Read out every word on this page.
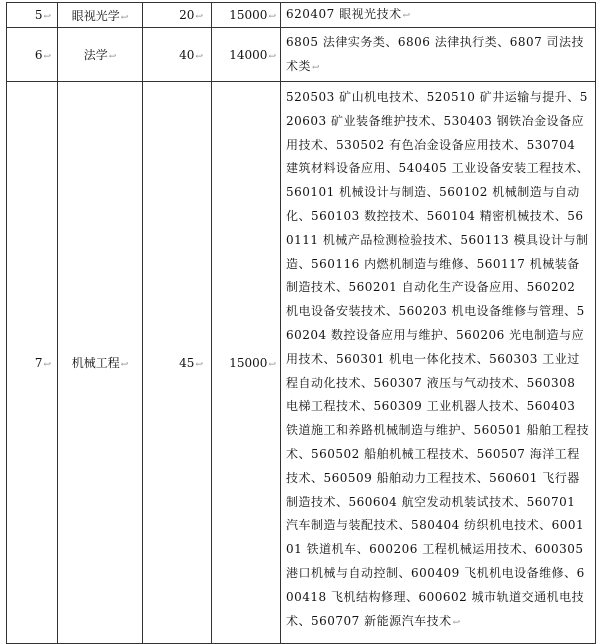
5↩	眼视光学↩	20↩	15000↩	620407 眼视光技术↩
6↩	法学↩	40↩	14000↩	6805 法律实务类、6806 法律执行类、6807 司法技术类↩
7↩	机械工程↩	45↩	15000↩	520503 矿山机电技术、520510 矿井运输与提升、520603 矿业装备维护技术、530403 钢铁冶金设备应用技术、530502 有色冶金设备应用技术、530704 建筑材料设备应用、540405 工业设备安装工程技术、560101 机械设计与制造、560102 机械制造与自动化、560103 数控技术、560104 精密机械技术、560111 机械产品检测检验技术、560113 模具设计与制造、560116 内燃机制造与维修、560117 机械装备制造技术、560201 自动化生产设备应用、560202 机电设备安装技术、560203 机电设备维修与管理、560204 数控设备应用与维护、560206 光电制造与应用技术、560301 机电一体化技术、560303 工业过程自动化技术、560307 液压与气动技术、560308 电梯工程技术、560309 工业机器人技术、560403 铁道施工和养路机械制造与维护、560501 船舶工程技术、560502 船舶机械工程技术、560507 海洋工程技术、560509 船舶动力工程技术、560601 飞行器制造技术、560604 航空发动机装试技术、560701 汽车制造与装配技术、580404 纺织机电技术、600101 铁道机车、600206 工程机械运用技术、600305 港口机械与自动控制、600409 飞机机电设备维修、600418 飞机结构修理、600602 城市轨道交通机电技术、560707 新能源汽车技术↩
